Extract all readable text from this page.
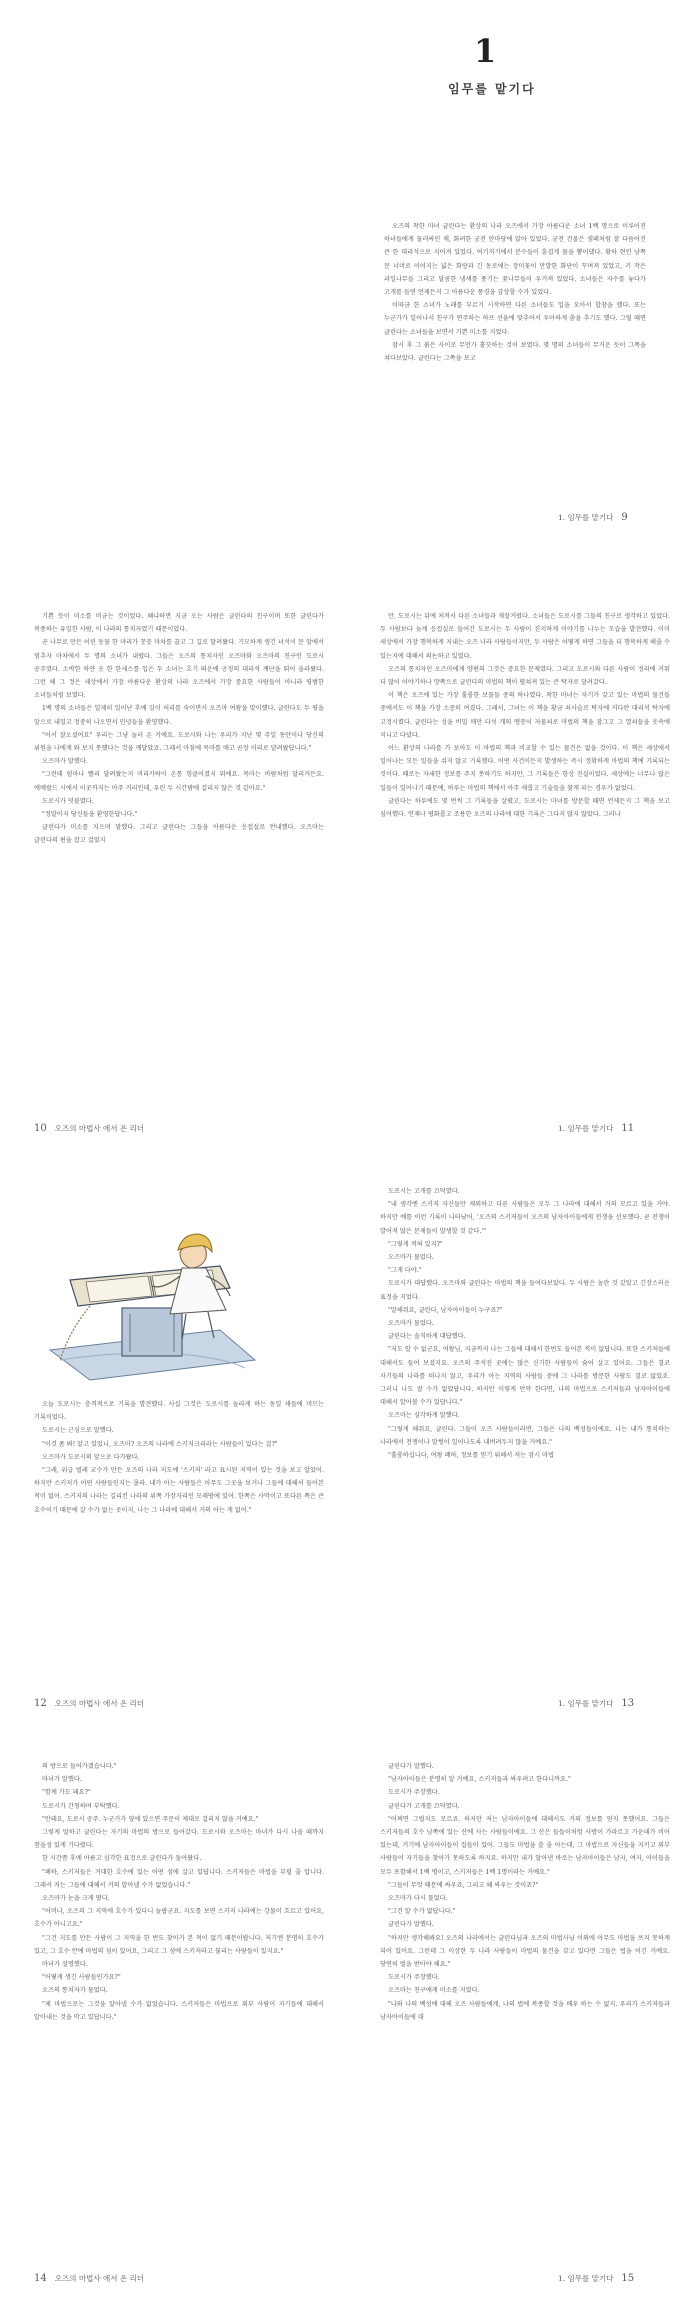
1
임무를 맡기다

오즈의 착한 마녀 글린다는 환상의 나라 오즈에서 가장 아름다운 소녀 1백 명으로 이루어진 하녀들에게 둘러싸인 채, 화려한 궁전 안마당에 앉아 있었다. 궁전 건물은 샘패처럼 잘 다듬어진 큰 한 대리석으로 지어져 있었다. 여기저기에서 분수들이 흥겹게 물을 뿜어댔다. 황하 현인 남쪽 문 너머로 이어지는 넓은 회랑과 긴 동로에는 장미꽃이 만발한 화단이 꾸며져 있었고, 키 작은 과일나무들 그리고 달콤한 냄새를 풍기는 꽃나무들이 우거져 있었다. 소녀들은 자수를 놓다가 고개를 들면 언제든지 그 아름다운 풍경을 감상할 수가 있었다.

이따금 한 소녀가 노래를 부르기 시작하면 다른 소녀들도 입을 모아서 합창을 했다. 또는 누군가가 일어나서 친구가 연주하는 하프 선율에 맞추어서 우아하게 춤을 추기도 했다. 그럴 때면 글린다는 소녀들을 보면서 기쁜 미소를 지었다.

잠시 후 그 붉은 사이로 무언가 흘끗하는 것이 보였다. 몇 명의 소녀들이 무거운 듯이 그쪽을 쳐다보았다. 글린다는 그쪽을 보고

1. 임무를 맡기다 9

기쁜 듯이 미소를 머금는 것이었다. 왜냐하면 지금 오는 사람은 글린다의 친구이며 또한 글린다가 복종하는 유일한 사람, 이 나라의 통치자였기 때문이었다.

곧 나무로 만든 어린 동물 한 마리가 꼿꼿 마차를 끌고 그 길로 달려왔다. 기모하게 생긴 녀석이 문 앞에서 멈추자 마차에서 두 명의 소녀가 내렸다. 그들은 오즈의 통치자인 오즈마와 오즈마의 친구인 도로시 공주였다. 소박한 하얀 옷 한 한세스를 입은 두 소녀는 호기 띄운에 공정의 대리석 계단을 뛰어 올라왔다. 그런 해 그 정은 세상에서 가장 아름다운 환상의 나라 오즈에서 가장 중요한 사람들이 아니라 평범한 소녀들처럼 보였다.

1백 명의 소녀들은 일제히 일어난 후에 깊이 허리를 숙이면서 오즈마 여왕을 맞이했다. 글린다도 두 평을 앞으로 내밀고 정중히 나오면서 인녕들을 환영했다.

"어서 잘오셨어요" 우리는 그냥 놀러 온 거예요. 도로시와 나는 우리가 지난 몇 주일 동안이나 당신의 위원을 나에게 와 보지 못했다는 것을 깨달았죠. 그래서 아침에 목마를 매고 곧장 이리로 달려왔답니다."

오즈마가 말했다.

"그런데 엄마나 빨리 달려왔는지 머리카락이 온통 헝클어졌지 뭐에요. 목마는 바람처럼 달리거든요. 에메랄드 시에서 이곳까지는 아주 거리인데, 우린 두 시간밖에 걸리지 않은 것 같아요."

도로시가 덧붙였다.

"정말이지 당신들을 환영한답니다."

글린다가 미소를 지으며 말했다. 그리고 글린다는 그들을 아름다운 응접실로 안내했다. 오즈마는 글린다의 편을 잡고 걸었지

10 오즈의 마법사 에서 온 리더

만, 도로시는 뒤에 처져서 다른 소녀들과 재잘거렸다. 소녀들은 도로시를 그들의 친구로 생각하고 있었다. 두 사람보다 늦게 응접실로 들어간 도로시는 두 사람이 진지하게 이야기를 나누는 모습을 발견했다. 이미 세상에서 가장 행복하게 지내는 오즈 나라 사람들이지만, 두 사람은 어떻게 하면 그들을 더 행복하게 해줄 수 있는지에 대해서 의논하고 있었다.

오즈의 통치자인 오즈마에게 양편의 그것은 중요한 문제였다. 그리고 도로시와 다른 사람이 정리에 거워 더 많이 이야기하나 양쪽으로 글린다의 마법의 책이 펼쳐져 있는 큰 탁자로 달려갔다.

이 책은 오즈에 있는 가장 훌륭한 보물들 중의 하나였다. 착한 마녀는 자기가 갖고 있는 마법의 물건들 중에서도 이 책을 가장 소중히 여겼다. 그래서, 그녀는 이 책을 황금 쇠사슬로 탁자에 커다란 대리석 탁자에 고정시켰다. 글린다는 성을 비밀 매만 다섯 개의 맹꽁이 자물쇠로 마법의 책을 잠그고 그 열쇠들을 옷속에 지니고 다녔다.

어느 환상의 나라를 가 보아도 이 마법의 책과 비교할 수 있는 물건은 없을 것이다. 이 책은 세상에서 일어나는 모든 일들을 쉬지 않고 기록했다. 어떤 사건이든지 발생하는 즉시 정확하게 마법의 책에 기록되는 것이다. 때로는 자세한 정보를 주지 못하기도 하지만, 그 기록들은 항상 진실이었다. 세상에는 너무나 많은 일들이 일어나기 때문에, 하루는 마법의 책에서 아주 새롭고 기술들을 찾게 되는 경우가 없었다.

글린다는 하루에도 몇 번씩 그 기록들을 살폈고, 도로시는 마녀를 방문할 때면 언제든지 그 책을 보고 싶어했다. 언제나 평화롭고 조용한 오즈의 나라에 대한 기록은 그다지 많지 않았다. 그러나

1. 임무를 맡기다 11

오늘 도로시는 충격적으로 기록을 발견했다. 사실 그것은 도로시를 놀라게 하는 동일 새들에 머므는 기록이었다.

도로시는 근심으로 말했다.

"이것 좀 봐! 알고 있었니, 오즈마? 오즈의 나라에 스키저크리라는 사람들이 있다는 걸?"

오즈마가 도로시의 앞으로 다가왔다.

"그래, 위급 벌레 교수가 만든 오즈의 나라 지도에 '스키저' 라고 표시된 지역이 있는 것을 보고 알았어. 하지만 스키저가 어떤 사람들인지는 몰라. 내가 아는 사람들은 아무도 그곳을 보거나 그들에 대해서 들어본 적이 없어. 스키저의 나라는 길리킨 나라의 위쪽 가장자리인 모래땅에 있어. 한쪽은 사막이고 또다른 쪽은 큰 호수이기 때문에 갈 수가 없는 곳이지, 나는 그 나라에 대해서 거의 아는 게 없어."

12 오즈의 마법사 에서 온 리더

도로시는 고개를 끄덕였다.

"내 생각엔 스키저 자신들만 제외하고 다른 사람들은 모두 그 나라에 대해서 거의 모르고 있을 거야. 하지만 예를 이런 기록이 나타났어, '오즈의 스키저들이 오즈의 남자아이들에게 전쟁을 선포했다. 곧 전쟁이 발어져 많은 문제들이 발생할 것 같다.'"

"그렇게 적혀 있지?"

오즈마가 물었다.

"그게 다야."

도로시가 대답했다. 오즈마와 글린다는 마법의 책을 들여다보았다. 두 사람은 놀란 것 같았고 긴장스러운 표정을 지었다.

"말해줘요, 글린다, 남자아이들이 누구죠?"

오즈마가 물었다.

글린다는 솔직하게 대답했다.

"저도 알 수 없군요, 여왕님, 지금까지 나는 그들에 대해서 한번도 들어본 적이 없답니다. 또한 스키저들에 대해서도 들어 보셨지요. 오즈의 주석진 곳에는 많은 신기한 사람들이 숨어 살고 있어요. 그들은 결코 자기들의 나라를 떠나지 않고, 우리가 아는 지역의 사람들 중에 그 나라를 방문한 사람도 결코 없었죠. 그러니 나도 잘 수가 없었답니다. 하지만 이렇게 만약 한다면, 나의 마법으로 스키저들과 남자아이들에 대해서 알아볼 수가 있답니다."

오즈마는 심각하게 말했다.

"그렇게 해줘요, 글린다. 그들이 오즈 사람들이라면, 그들은 나의 백성들이에요. 나는 내가 통치하는 나라에서 전쟁이나 말썽이 일어나도록 내버려두지 않을 거예요."

"훌륭하십니다, 여왕 폐하, 정보를 얻기 위해서 저는 잠시 마법

1. 임무를 맡기다 13

의 방으로 들어가겠습니다."

마녀가 말했다.

"함께 가도 돼요?"

도로시가 간청하며 부탁했다.

"안돼요, 도로시 공주. 누군가가 옆에 있으면 주문이 제대로 걸리지 않을 거예요."

그렇게 말하고 글린다는 자기의 마법의 방으로 들어갔다. 도로시와 오즈마는 마녀가 다시 나올 때까지 참을성 있게 기다렸다.

한 시간쯤 후에 아름고 심각한 표정으로 글린다가 돌아왔다.

"폐하, 스키저들은 거대한 호수에 있는 어떤 섬에 살고 있답니다. 스키저들은 마법을 부릴 줄 압니다. 그래서 저는 그들에 대해서 거의 알아낼 수가 없었습니다."

오즈마가 눈을 크게 떴다.

"어머나, 오즈의 그 지역에 호수가 있다니 놀랍군요. 지도를 보면 스키저 나라에는 강물이 흐르고 있어요, 호수가 아니고요."

"그건 지도를 만든 사람이 그 지역을 한 번도 찾아가 본 적이 없기 때문이랍니다. 저기엔 분명히 호수가 있고, 그 호수 안에 마법의 섬이 있어요, 그리고 그 섬에 스키저라고 불리는 사람들이 있지요."

마녀가 설명했다.

"어떻게 생긴 사람들인가요?"

오즈의 통치자가 물었다.

"제 마법으로는 그것을 알아낼 수가 없었습니다. 스키저들은 마법으로 외부 사람이 자기들에 대해서 알아내는 것을 막고 있답니다."

14 오즈의 마법사 에서 온 리더

글린다가 말했다.

"남자아이들은 분명히 알 거예요, 스키저들과 싸우려고 한다니까요."

도로시가 주장했다.

글린다가 고개를 끄덕였다.

"어쩌면 그럴지도 모르죠. 하지만 저는 남자아이들에 대해서도 거의 정보를 얻지 못했어요. 그들은 스키저들의 호수 남쪽에 있는 산에 사는 사람들이에요. 그 산은 들들이처럼 사방이 가파르고 가운데가 비어 있는데, 거기에 남자아이들이 집들이 있어. 그들도 마법을 쓸 줄 아는데, 그 마법으로 자신들을 지키고 외부 사람들이 자기들을 찾아가 못하도록 하지요. 하지만 내가 알아낸 바로는 남자아이들은 남자, 여자, 아이들을 모두 포함해서 1백 명이고, 스키저들은 1백 1명이라는 거예요."

"그들이 무엇 때문에 싸우죠, 그리고 왜 싸우는 것이죠?"

오즈마가 다시 물었다.

"그건 알 수가 없답니다."

글린다가 말했다.

"하지만 생각해봐요! 오즈의 나라에서는 글린다님과 오즈의 마법사님 이외에 아무도 마법을 쓰지 못하게 되어 있어요. 그런데 그 이상한 두 나라 사람들이 마법의 물건을 갖고 있다면 그들은 법을 어긴 거예요. 당연히 벌을 받아야 해요."

도로시가 주장했다.

오즈마는 친구에게 미소를 지었다.

"나와 나의 백성에 대해 오즈 사람들에게, 나의 법에 복종할 것을 배우 하는 수 없지. 우리가 스키저들과 남자아이들에 대

1. 임무를 맡기다 15
